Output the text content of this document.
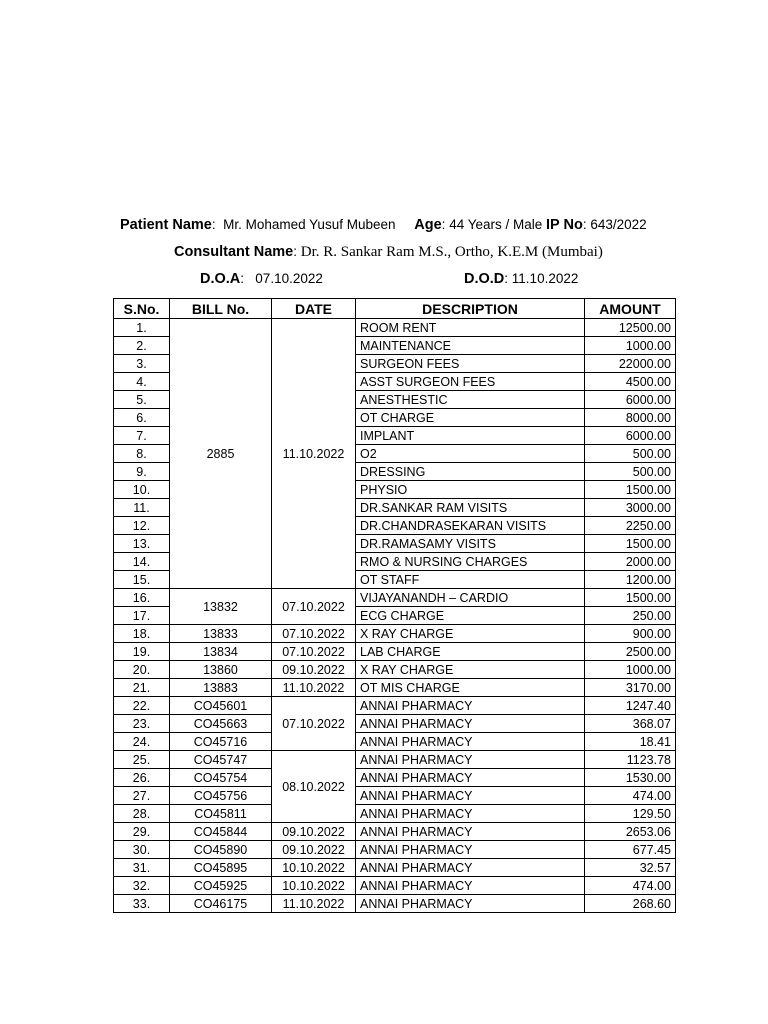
Patient Name:  Mr. Mohamed Yusuf Mubeen Age: 44 Years / Male IP No: 643/2022
Consultant Name: Dr. R. Sankar Ram M.S., Ortho, K.E.M (Mumbai)
D.O.A:   07.10.2022	D.O.D: 11.10.2022
S.No.	BILL No.	DATE	DESCRIPTION	AMOUNT
1.	2885	11.10.2022	ROOM RENT	12500.00
2.			MAINTENANCE	1000.00
3.			SURGEON FEES	22000.00
4.			ASST SURGEON FEES	4500.00
5.			ANESTHESTIC	6000.00
6.			OT CHARGE	8000.00
7.			IMPLANT	6000.00
8.			O2	500.00
9.			DRESSING	500.00
10.			PHYSIO	1500.00
11.			DR.SANKAR RAM VISITS	3000.00
12.			DR.CHANDRASEKARAN VISITS	2250.00
13.			DR.RAMASAMY VISITS	1500.00
14.			RMO & NURSING CHARGES	2000.00
15.			OT STAFF	1200.00
16.	13832	07.10.2022	VIJAYANANDH – CARDIO	1500.00
17.			ECG CHARGE	250.00
18.	13833	07.10.2022	X RAY CHARGE	900.00
19.	13834	07.10.2022	LAB CHARGE	2500.00
20.	13860	09.10.2022	X RAY CHARGE	1000.00
21.	13883	11.10.2022	OT MIS CHARGE	3170.00
22.	CO45601	07.10.2022	ANNAI PHARMACY	1247.40
23.	CO45663		ANNAI PHARMACY	368.07
24.	CO45716		ANNAI PHARMACY	18.41
25.	CO45747	08.10.2022	ANNAI PHARMACY	1123.78
26.	CO45754		ANNAI PHARMACY	1530.00
27.	CO45756		ANNAI PHARMACY	474.00
28.	CO45811		ANNAI PHARMACY	129.50
29.	CO45844	09.10.2022	ANNAI PHARMACY	2653.06
30.	CO45890	09.10.2022	ANNAI PHARMACY	677.45
31.	CO45895	10.10.2022	ANNAI PHARMACY	32.57
32.	CO45925	10.10.2022	ANNAI PHARMACY	474.00
33.	CO46175	11.10.2022	ANNAI PHARMACY	268.60
